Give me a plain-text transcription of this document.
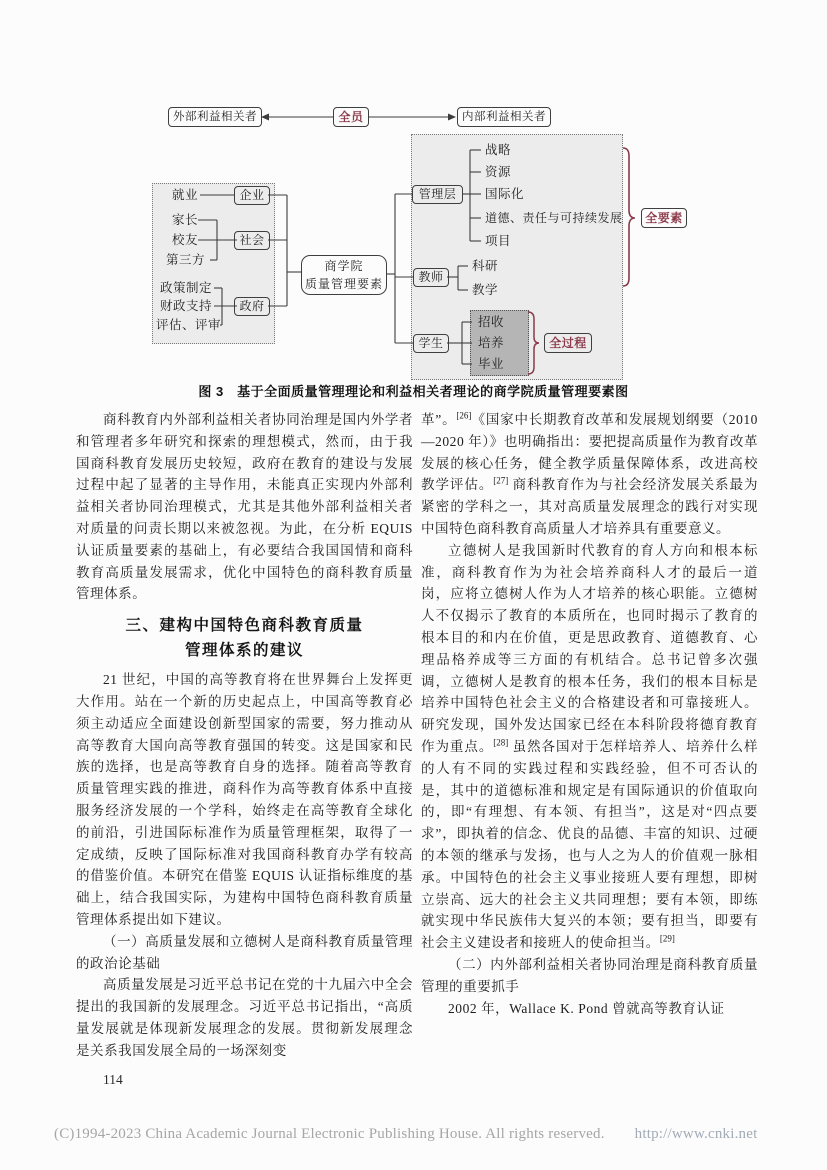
外部利益相关者	全员	内部利益相关者
就业
家长
校友
第三方
政策制定
财政支持
评估、评审
企业
社会
政府
商学院
质量管理要素
管理层
战略
资源
国际化
道德、责任与可持续发展
项目
教师
科研
教学
学生
招收
培养
毕业
全过程
全要素
图 3　基于全面质量管理理论和利益相关者理论的商学院质量管理要素图

商科教育内外部利益相关者协同治理是国内外学者和管理者多年研究和探索的理想模式，然而，由于我国商科教育发展历史较短，政府在教育的建设与发展过程中起了显著的主导作用，未能真正实现内外部利益相关者协同治理模式，尤其是其他外部利益相关者对质量的问责长期以来被忽视。为此，在分析 EQUIS 认证质量要素的基础上，有必要结合我国国情和商科教育高质量发展需求，优化中国特色的商科教育质量管理体系。

三、建构中国特色商科教育质量
管理体系的建议

21 世纪，中国的高等教育将在世界舞台上发挥更大作用。站在一个新的历史起点上，中国高等教育必须主动适应全面建设创新型国家的需要，努力推动从高等教育大国向高等教育强国的转变。这是国家和民族的选择，也是高等教育自身的选择。随着高等教育质量管理实践的推进，商科作为高等教育体系中直接服务经济发展的一个学科，始终走在高等教育全球化的前沿，引进国际标准作为质量管理框架，取得了一定成绩，反映了国际标准对我国商科教育办学有较高的借鉴价值。本研究在借鉴 EQUIS 认证指标维度的基础上，结合我国实际，为建构中国特色商科教育质量管理体系提出如下建议。

（一）高质量发展和立德树人是商科教育质量管理的政治论基础

高质量发展是习近平总书记在党的十九届六中全会提出的我国新的发展理念。习近平总书记指出，“高质量发展就是体现新发展理念的发展。贯彻新发展理念是关系我国发展全局的一场深刻变

革”。[26]《国家中长期教育改革和发展规划纲要（2010—2020 年）》也明确指出：要把提高质量作为教育改革发展的核心任务，健全教学质量保障体系，改进高校教学评估。[27] 商科教育作为与社会经济发展关系最为紧密的学科之一，其对高质量发展理念的践行对实现中国特色商科教育高质量人才培养具有重要意义。

立德树人是我国新时代教育的育人方向和根本标准，商科教育作为为社会培养商科人才的最后一道岗，应将立德树人作为人才培养的核心职能。立德树人不仅揭示了教育的本质所在，也同时揭示了教育的根本目的和内在价值，更是思政教育、道德教育、心理品格养成等三方面的有机结合。总书记曾多次强调，立德树人是教育的根本任务，我们的根本目标是培养中国特色社会主义的合格建设者和可靠接班人。研究发现，国外发达国家已经在本科阶段将德育教育作为重点。[28] 虽然各国对于怎样培养人、培养什么样的人有不同的实践过程和实践经验，但不可否认的是，其中的道德标准和规定是有国际通识的价值取向的，即“有理想、有本领、有担当”，这是对“四点要求”，即执着的信念、优良的品德、丰富的知识、过硬的本领的继承与发扬，也与人之为人的价值观一脉相承。中国特色的社会主义事业接班人要有理想，即树立崇高、远大的社会主义共同理想；要有本领，即练就实现中华民族伟大复兴的本领；要有担当，即要有社会主义建设者和接班人的使命担当。[29]

（二）内外部利益相关者协同治理是商科教育质量管理的重要抓手

2002 年，Wallace K. Pond 曾就高等教育认证

114
(C)1994-2023 China Academic Journal Electronic Publishing House. All rights reserved. http://www.cnki.net
